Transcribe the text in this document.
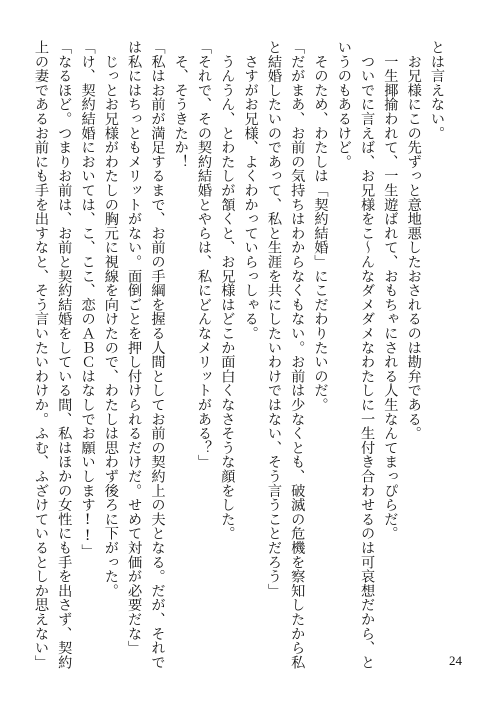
とは言えない。
　お兄様にこの先ずっと意地悪したおされるのは勘弁である。
　一生揶揄われて、一生遊ばれて、おもちゃにされる人生なんてまっぴらだ。
　ついでに言えば、お兄様をこ～んなダメダメなわたしに一生付き合わせるのは可哀想だから、と
いうのもあるけど。
　そのため、わたしは「契約結婚」にこだわりたいのだ。
「だがまあ、お前の気持ちはわからなくもない。お前は少なくとも、破滅の危機を察知したから私
と結婚したいのであって、私と生涯を共にしたいわけではない、そう言うことだろう」
　さすがお兄様、よくわかっていらっしゃる。
　うんうん、とわたしが頷くと、お兄様はどこか面白くなさそうな顔をした。
「それで、その契約結婚とやらは、私にどんなメリットがある？」
　そ、そうきたか！
「私はお前が満足するまで、お前の手綱を握る人間としてお前の契約上の夫となる。だが、それで
は私にはちっともメリットがない。面倒ごとを押し付けられるだけだ。せめて対価が必要だな」
　じっとお兄様がわたしの胸元に視線を向けたので、わたしは思わず後ろに下がった。
「け、契約結婚においては、こ、ここ、恋のＡＢＣはなしでお願いします!!」
「なるほど。つまりお前は、お前と契約結婚をしている間、私はほかの女性にも手を出さず、契約
上の妻であるお前にも手を出すなと、そう言いたいわけか。ふむ、ふざけているとしか思えない」	24
